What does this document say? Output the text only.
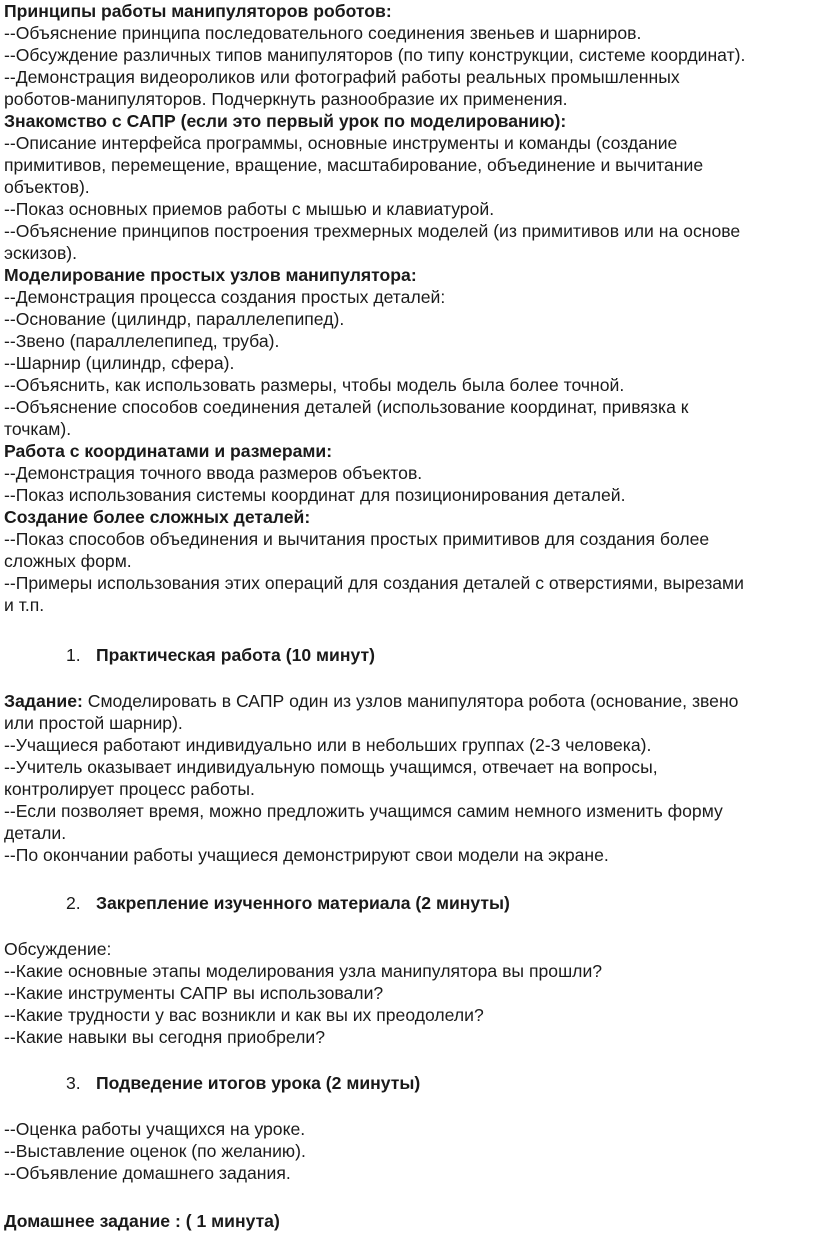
Принципы работы манипуляторов роботов:

--Объяснение принципа последовательного соединения звеньев и шарниров.

--Обсуждение различных типов манипуляторов (по типу конструкции, системе координат).

--Демонстрация видеороликов или фотографий работы реальных промышленных

роботов-манипуляторов. Подчеркнуть разнообразие их применения.

Знакомство с САПР (если это первый урок по моделированию):

--Описание интерфейса программы, основные инструменты и команды (создание

примитивов, перемещение, вращение, масштабирование, объединение и вычитание

объектов).

--Показ основных приемов работы с мышью и клавиатурой.

--Объяснение принципов построения трехмерных моделей (из примитивов или на основе

эскизов).

Моделирование простых узлов манипулятора:

--Демонстрация процесса создания простых деталей:

--Основание (цилиндр, параллелепипед).

--Звено (параллелепипед, труба).

--Шарнир (цилиндр, сфера).

--Объяснить, как использовать размеры, чтобы модель была более точной.

--Объяснение способов соединения деталей (использование координат, привязка к

точкам).

Работа с координатами и размерами:

--Демонстрация точного ввода размеров объектов.

--Показ использования системы координат для позиционирования деталей.

Создание более сложных деталей:

--Показ способов объединения и вычитания простых примитивов для создания более

сложных форм.

--Примеры использования этих операций для создания деталей с отверстиями, вырезами

и т.п.

1. Практическая работа (10 минут)

Задание: Смоделировать в САПР один из узлов манипулятора робота (основание, звено

или простой шарнир).

--Учащиеся работают индивидуально или в небольших группах (2-3 человека).

--Учитель оказывает индивидуальную помощь учащимся, отвечает на вопросы,

контролирует процесс работы.

--Если позволяет время, можно предложить учащимся самим немного изменить форму

детали.

--По окончании работы учащиеся демонстрируют свои модели на экране.

2. Закрепление изученного материала (2 минуты)

Обсуждение:

--Какие основные этапы моделирования узла манипулятора вы прошли?

--Какие инструменты САПР вы использовали?

--Какие трудности у вас возникли и как вы их преодолели?

--Какие навыки вы сегодня приобрели?

3. Подведение итогов урока (2 минуты)

--Оценка работы учащихся на уроке.

--Выставление оценок (по желанию).

--Объявление домашнего задания.

Домашнее задание : ( 1 минута)
